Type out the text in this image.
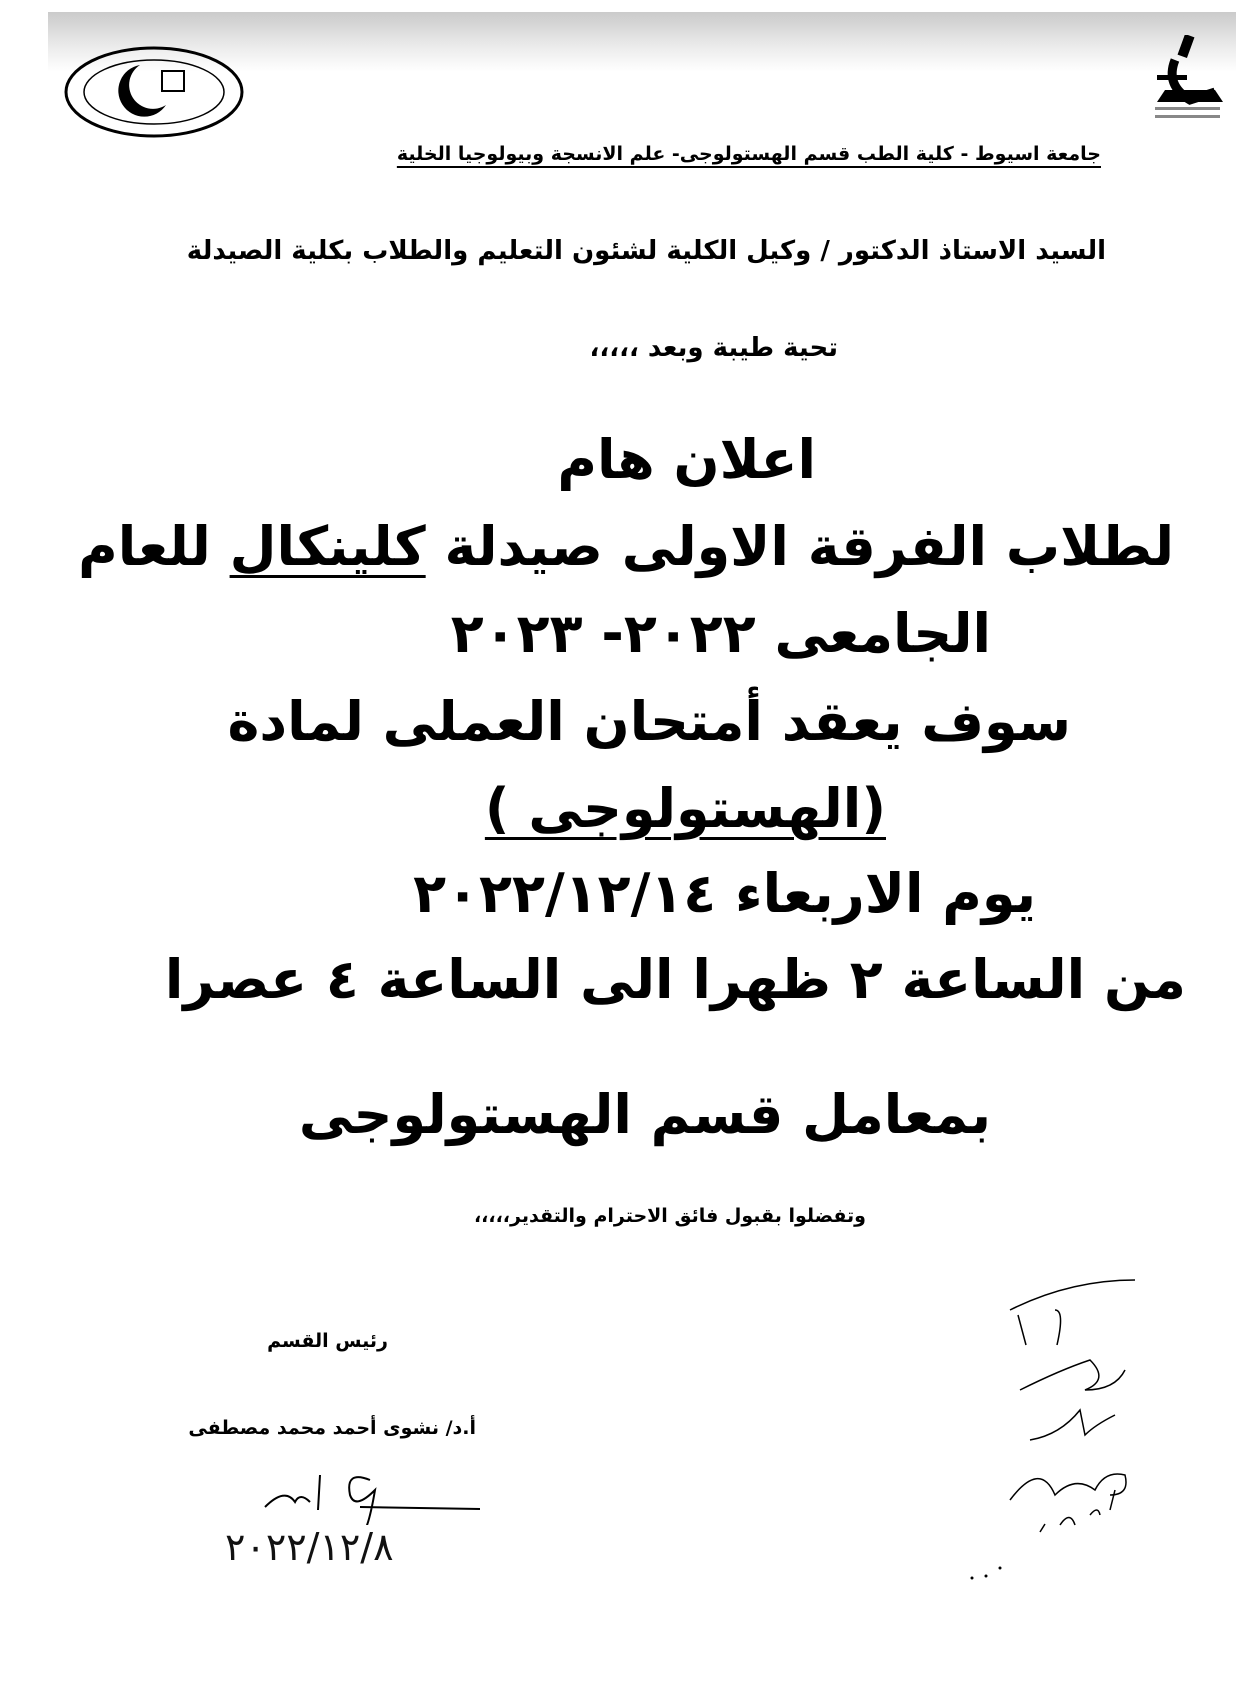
جامعة اسيوط - كلية الطب قسم الهستولوجى- علم الانسجة وبيولوجيا الخلية
السيد الاستاذ الدكتور / وكيل الكلية لشئون التعليم والطلاب بكلية الصيدلة
تحية طيبة وبعد ،،،،،
اعلان هام
لطلاب الفرقة الاولى صيدلة كلينكال للعام
الجامعى ٢٠٢٢- ٢٠٢٣
سوف يعقد أمتحان العملى لمادة
(الهستولوجى )
يوم الاربعاء ٢٠٢٢/١٢/١٤
من الساعة ٢ ظهرا الى الساعة ٤ عصرا
بمعامل قسم الهستولوجى
وتفضلوا بقبول فائق الاحترام والتقدير،،،،،
رئيس القسم
أ.د/ نشوى أحمد محمد مصطفى
٢٠٢٢/١٢/٨
